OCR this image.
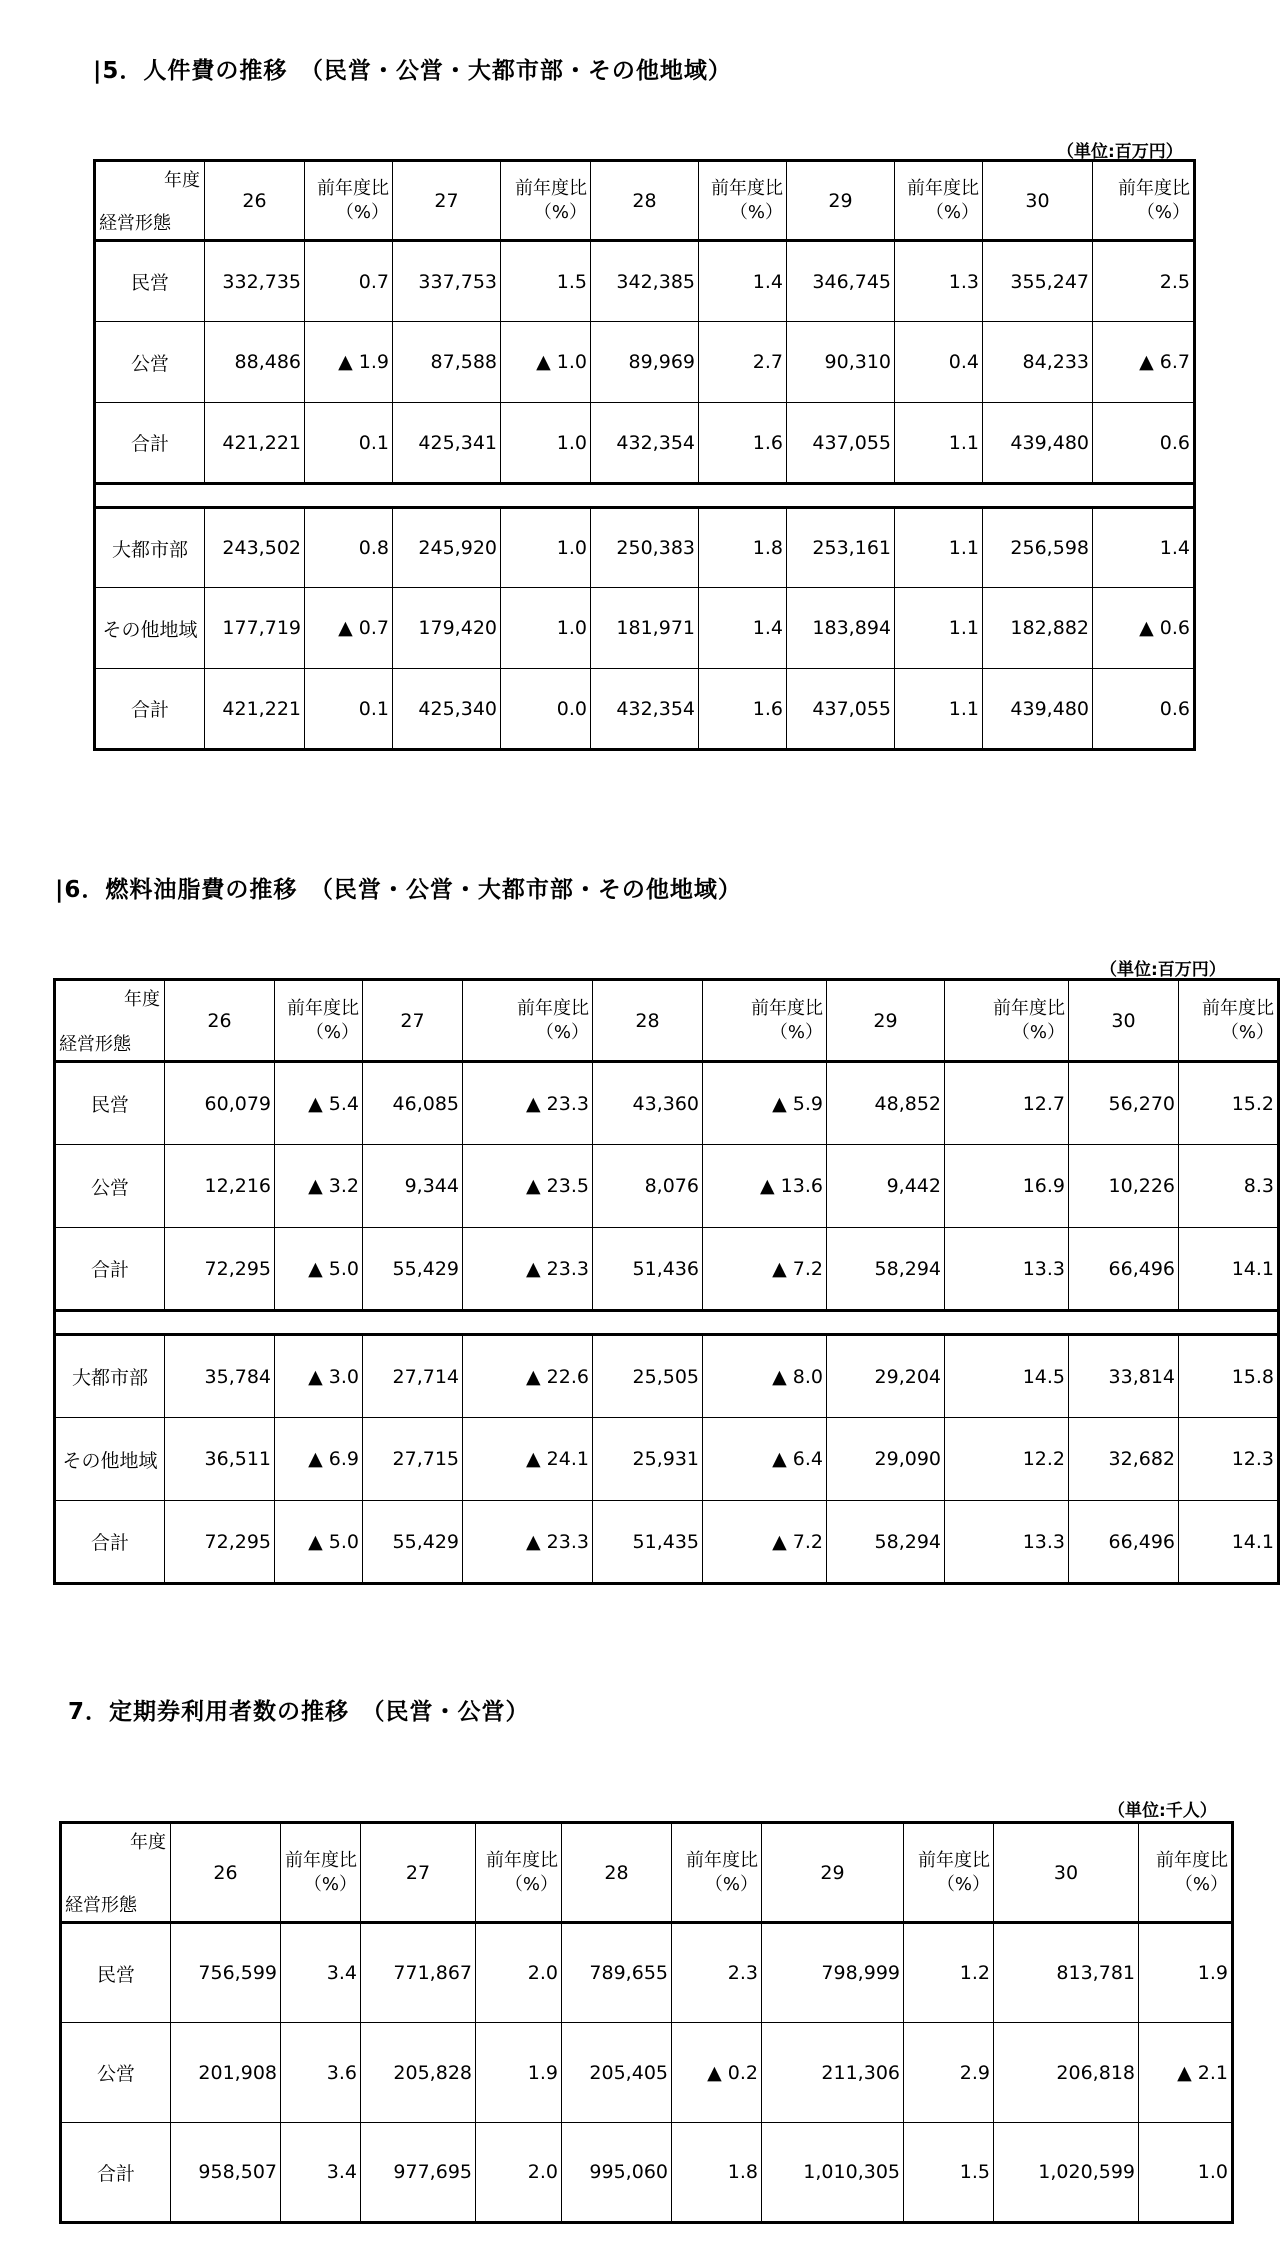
|5．人件費の推移　（民営・公営・大都市部・その他地域）
（単位:百万円）
年度
経営形態	26	前年度比
（%）	27	前年度比
（%）	28	前年度比
（%）	29	前年度比
（%）	30	前年度比
（%）
民営	332,735	0.7	337,753	1.5	342,385	1.4	346,745	1.3	355,247	2.5
公営	88,486	▲ 1.9	87,588	▲ 1.0	89,969	2.7	90,310	0.4	84,233	▲ 6.7
合計	421,221	0.1	425,341	1.0	432,354	1.6	437,055	1.1	439,480	0.6

大都市部	243,502	0.8	245,920	1.0	250,383	1.8	253,161	1.1	256,598	1.4
その他地域	177,719	▲ 0.7	179,420	1.0	181,971	1.4	183,894	1.1	182,882	▲ 0.6
合計	421,221	0.1	425,340	0.0	432,354	1.6	437,055	1.1	439,480	0.6
|6．燃料油脂費の推移　（民営・公営・大都市部・その他地域）
（単位:百万円）
年度
経営形態	26	前年度比
（%）	27	前年度比
（%）	28	前年度比
（%）	29	前年度比
（%）	30	前年度比
（%）
民営	60,079	▲ 5.4	46,085	▲ 23.3	43,360	▲ 5.9	48,852	12.7	56,270	15.2
公営	12,216	▲ 3.2	9,344	▲ 23.5	8,076	▲ 13.6	9,442	16.9	10,226	8.3
合計	72,295	▲ 5.0	55,429	▲ 23.3	51,436	▲ 7.2	58,294	13.3	66,496	14.1

大都市部	35,784	▲ 3.0	27,714	▲ 22.6	25,505	▲ 8.0	29,204	14.5	33,814	15.8
その他地域	36,511	▲ 6.9	27,715	▲ 24.1	25,931	▲ 6.4	29,090	12.2	32,682	12.3
合計	72,295	▲ 5.0	55,429	▲ 23.3	51,435	▲ 7.2	58,294	13.3	66,496	14.1
7．定期券利用者数の推移　（民営・公営）
（単位:千人）
年度
経営形態	26	前年度比
（%）	27	前年度比
（%）	28	前年度比
（%）	29	前年度比
（%）	30	前年度比
（%）
民営	756,599	3.4	771,867	2.0	789,655	2.3	798,999	1.2	813,781	1.9
公営	201,908	3.6	205,828	1.9	205,405	▲ 0.2	211,306	2.9	206,818	▲ 2.1
合計	958,507	3.4	977,695	2.0	995,060	1.8	1,010,305	1.5	1,020,599	1.0
